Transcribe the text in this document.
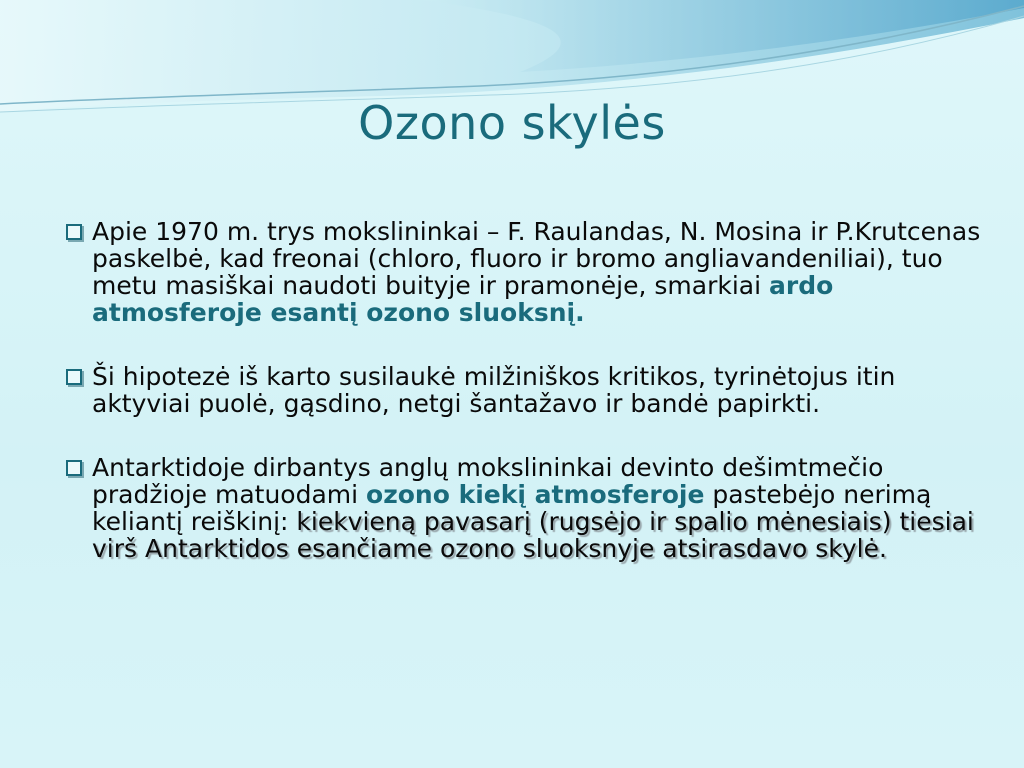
Ozono skylės
Apie 1970 m. trys mokslininkai – F. Raulandas, N. Mosina ir P.Krutcenas paskelbė, kad freonai (chloro, fluoro ir bromo angliavandeniliai), tuo metu masiškai naudoti buityje ir pramonėje, smarkiai ardo atmosferoje esantį ozono sluoksnį.
Ši hipotezė iš karto susilaukė milžiniškos kritikos, tyrinėtojus itin aktyviai puolė, gąsdino, netgi šantažavo ir bandė papirkti.
Antarktidoje dirbantys anglų mokslininkai devinto dešimtmečio pradžioje matuodami ozono kiekį atmosferoje pastebėjo nerimą keliantį reiškinį: kiekvieną pavasarį (rugsėjo ir spalio mėnesiais) tiesiai virš Antarktidos esančiame ozono sluoksnyje atsirasdavo skylė.
